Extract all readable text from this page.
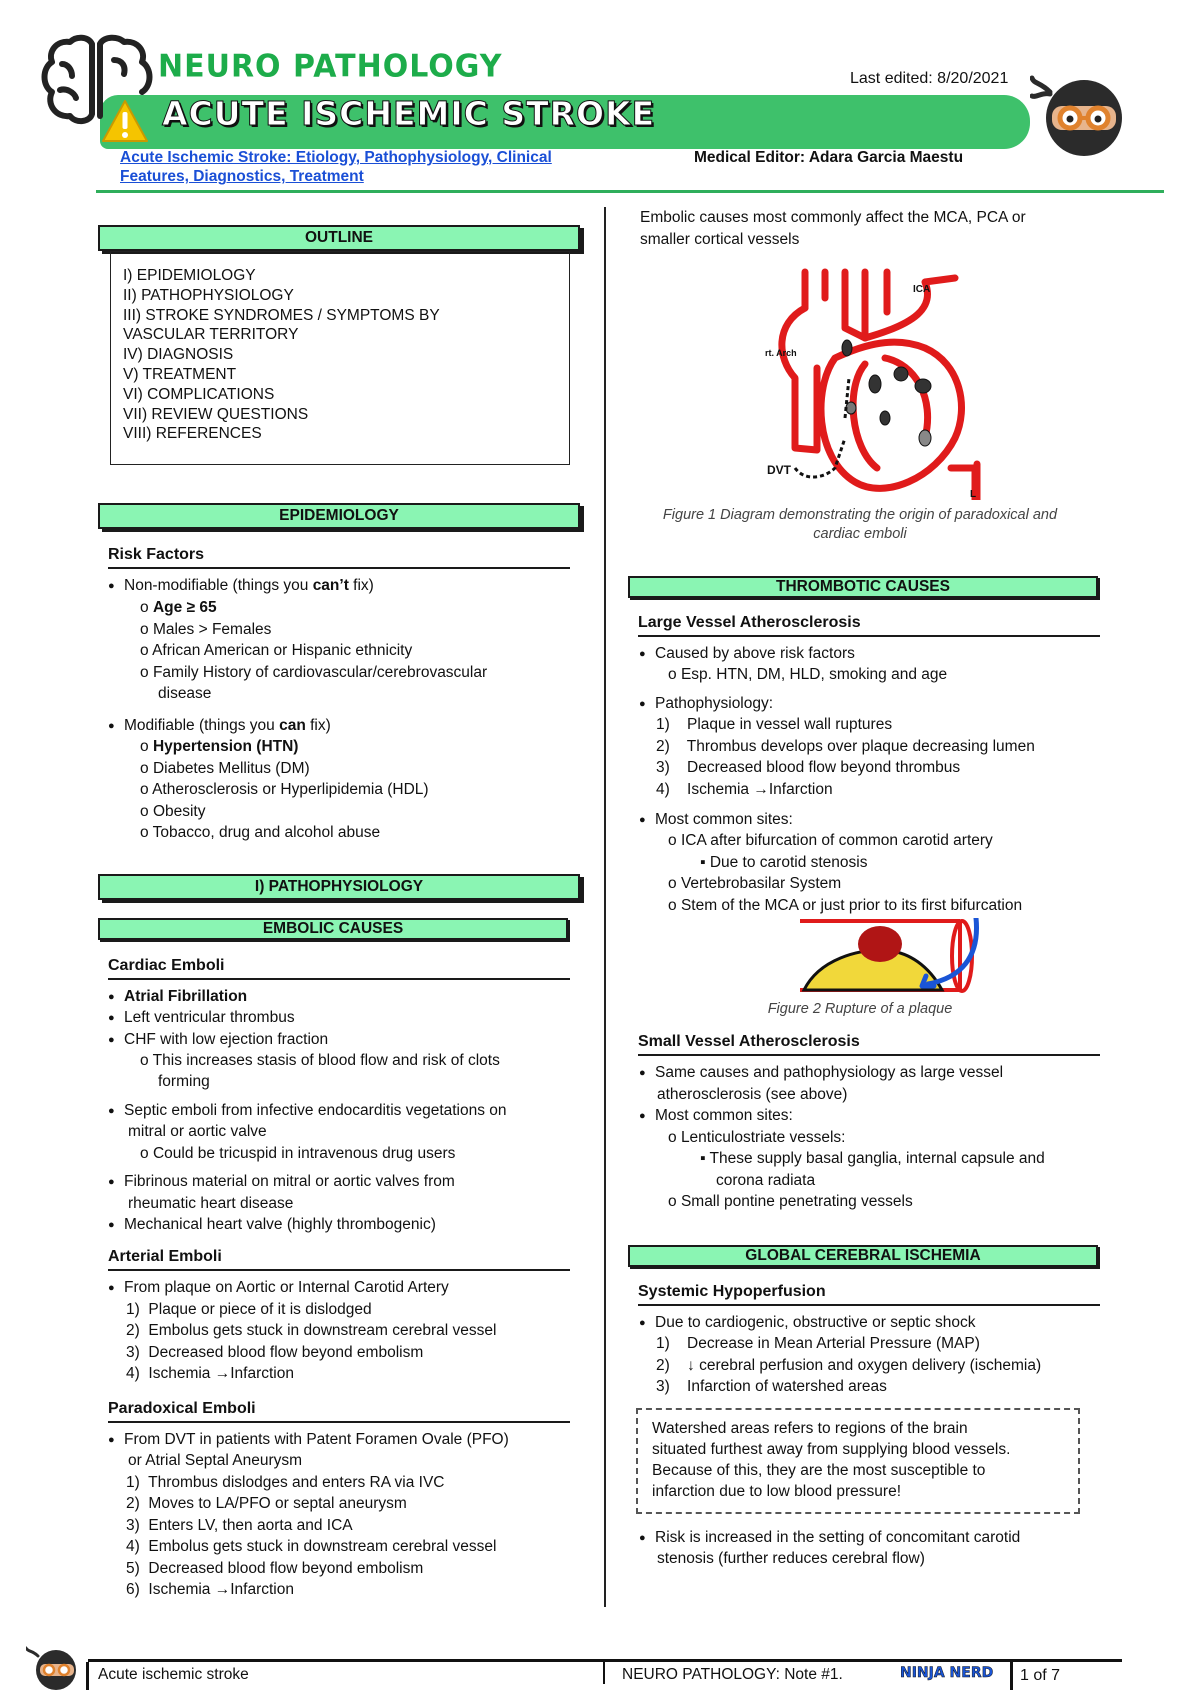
NEURO PATHOLOGY
ACUTE ISCHEMIC STROKE
Last edited: 8/20/2021
Acute Ischemic Stroke: Etiology, Pathophysiology, Clinical
Features, Diagnostics, Treatment
Medical Editor: Adara Garcia Maestu
OUTLINE
I) EPIDEMIOLOGY
II) PATHOPHYSIOLOGY
III) STROKE SYNDROMES / SYMPTOMS BY
VASCULAR TERRITORY
IV) DIAGNOSIS
V) TREATMENT
VI) COMPLICATIONS
VII) REVIEW QUESTIONS
VIII) REFERENCES
EPIDEMIOLOGY
Risk Factors
● Non-modifiable (things you can’t fix)
o Age ≥ 65
o Males > Females
o African American or Hispanic ethnicity
o Family History of cardiovascular/cerebrovascular
disease
● Modifiable (things you can fix)
o Hypertension (HTN)
o Diabetes Mellitus (DM)
o Atherosclerosis or Hyperlipidemia (HDL)
o Obesity
o Tobacco, drug and alcohol abuse
I) PATHOPHYSIOLOGY
EMBOLIC CAUSES
Cardiac Emboli
● Atrial Fibrillation
● Left ventricular thrombus
● CHF with low ejection fraction
o This increases stasis of blood flow and risk of clots
forming
● Septic emboli from infective endocarditis vegetations on
mitral or aortic valve
o Could be tricuspid in intravenous drug users
● Fibrinous material on mitral or aortic valves from
rheumatic heart disease
● Mechanical heart valve (highly thrombogenic)
Arterial Emboli
● From plaque on Aortic or Internal Carotid Artery
1)  Plaque or piece of it is dislodged
2)  Embolus gets stuck in downstream cerebral vessel
3)  Decreased blood flow beyond embolism
4)  Ischemia →Infarction
Paradoxical Emboli
● From DVT in patients with Patent Foramen Ovale (PFO)
or Atrial Septal Aneurysm
1)  Thrombus dislodges and enters RA via IVC
2)  Moves to LA/PFO or septal aneurysm
3)  Enters LV, then aorta and ICA
4)  Embolus gets stuck in downstream cerebral vessel
5)  Decreased blood flow beyond embolism
6)  Ischemia →Infarction
Embolic causes most commonly affect the MCA, PCA or
smaller cortical vessels
ICA
rt. Arch
DVT
L
Figure 1 Diagram demonstrating the origin of paradoxical and
cardiac emboli
THROMBOTIC CAUSES
Large Vessel Atherosclerosis
● Caused by above risk factors
o Esp. HTN, DM, HLD, smoking and age
● Pathophysiology:
1)    Plaque in vessel wall ruptures
2)    Thrombus develops over plaque decreasing lumen
3)    Decreased blood flow beyond thrombus
4)    Ischemia →Infarction
● Most common sites:
o ICA after bifurcation of common carotid artery
▪ Due to carotid stenosis
o Vertebrobasilar System
o Stem of the MCA or just prior to its first bifurcation
Figure 2 Rupture of a plaque
Small Vessel Atherosclerosis
● Same causes and pathophysiology as large vessel
atherosclerosis (see above)
● Most common sites:
o Lenticulostriate vessels:
▪ These supply basal ganglia, internal capsule and
corona radiata
o Small pontine penetrating vessels
GLOBAL CEREBRAL ISCHEMIA
Systemic Hypoperfusion
● Due to cardiogenic, obstructive or septic shock
1)    Decrease in Mean Arterial Pressure (MAP)
2)    ↓ cerebral perfusion and oxygen delivery (ischemia)
3)    Infarction of watershed areas
Watershed areas refers to regions of the brain
situated furthest away from supplying blood vessels.
Because of this, they are the most susceptible to
infarction due to low blood pressure!
● Risk is increased in the setting of concomitant carotid
stenosis (further reduces cerebral flow)
Acute ischemic stroke	NEURO PATHOLOGY: Note #1.	NINJA NERD 1 of 7
